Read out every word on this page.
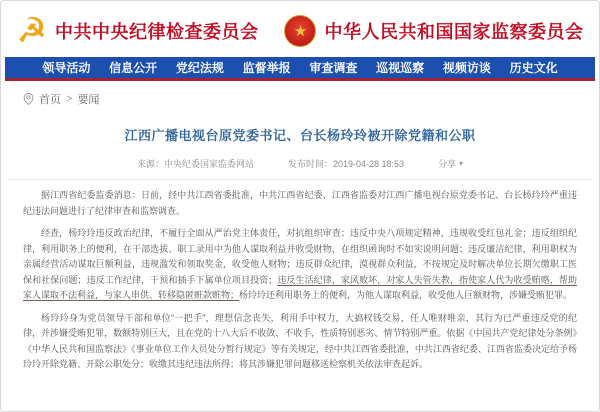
☭ 中共中央纪律检查委员会	★ 中华人民共和国国家监察委员会
领导活动 信息公开 党纪法规 监督举报 审查调查 巡视巡察 视频访谈 历史文化
首页 > 要闻
江西广播电视台原党委书记、台长杨玲玲被开除党籍和公职
来源：中央纪委国家监委网站	发布时间：2019-04-28 18:53	分享 ▾

据江西省纪委监委消息：日前，经中共江西省委批准，中共江西省纪委、江西省监委对江西广播电视台原党委书记、台长杨玲玲严重违纪违法问题进行了纪律审查和监察调查。

经查，杨玲玲违反政治纪律，不履行全面从严治党主体责任，对抗组织审查；违反中央八项规定精神，违规收受红包礼金；违反组织纪律，利用职务上的便利，在干部选拔、职工录用中为他人谋取利益并收受财物，在组织函询时不如实说明问题；违反廉洁纪律，利用职权为亲属经营活动谋取巨额利益，违规滥发和领取奖金，收受他人财物；违反群众纪律，漠视群众利益，不按规定及时解决单位长期欠缴职工医保和社保问题；违反工作纪律，干预和插手下属单位项目投资；违反生活纪律，家风败坏，对家人失管失教，指使家人代为收受贿赂，帮助家人谋取不法利益，与家人串供、转移隐匿赃款赃物；杨玲玲还利用职务上的便利，为他人谋取利益，收受他人巨额财物，涉嫌受贿犯罪。

杨玲玲身为党员领导干部和单位“一把手”，理想信念丧失，利用手中权力，大搞权钱交易，任人唯财唯亲，其行为已严重违反党的纪律，并涉嫌受贿犯罪，数额特别巨大，且在党的十八大后不收敛、不收手，性质特别恶劣、情节特别严重。依据《中国共产党纪律处分条例》《中华人民共和国监察法》《事业单位工作人员处分暂行规定》等有关规定，经中共江西省委批准，中共江西省纪委、江西省监委决定给予杨玲玲开除党籍、开除公职处分；收缴其违纪违法所得；将其涉嫌犯罪问题移送检察机关依法审查起诉。
